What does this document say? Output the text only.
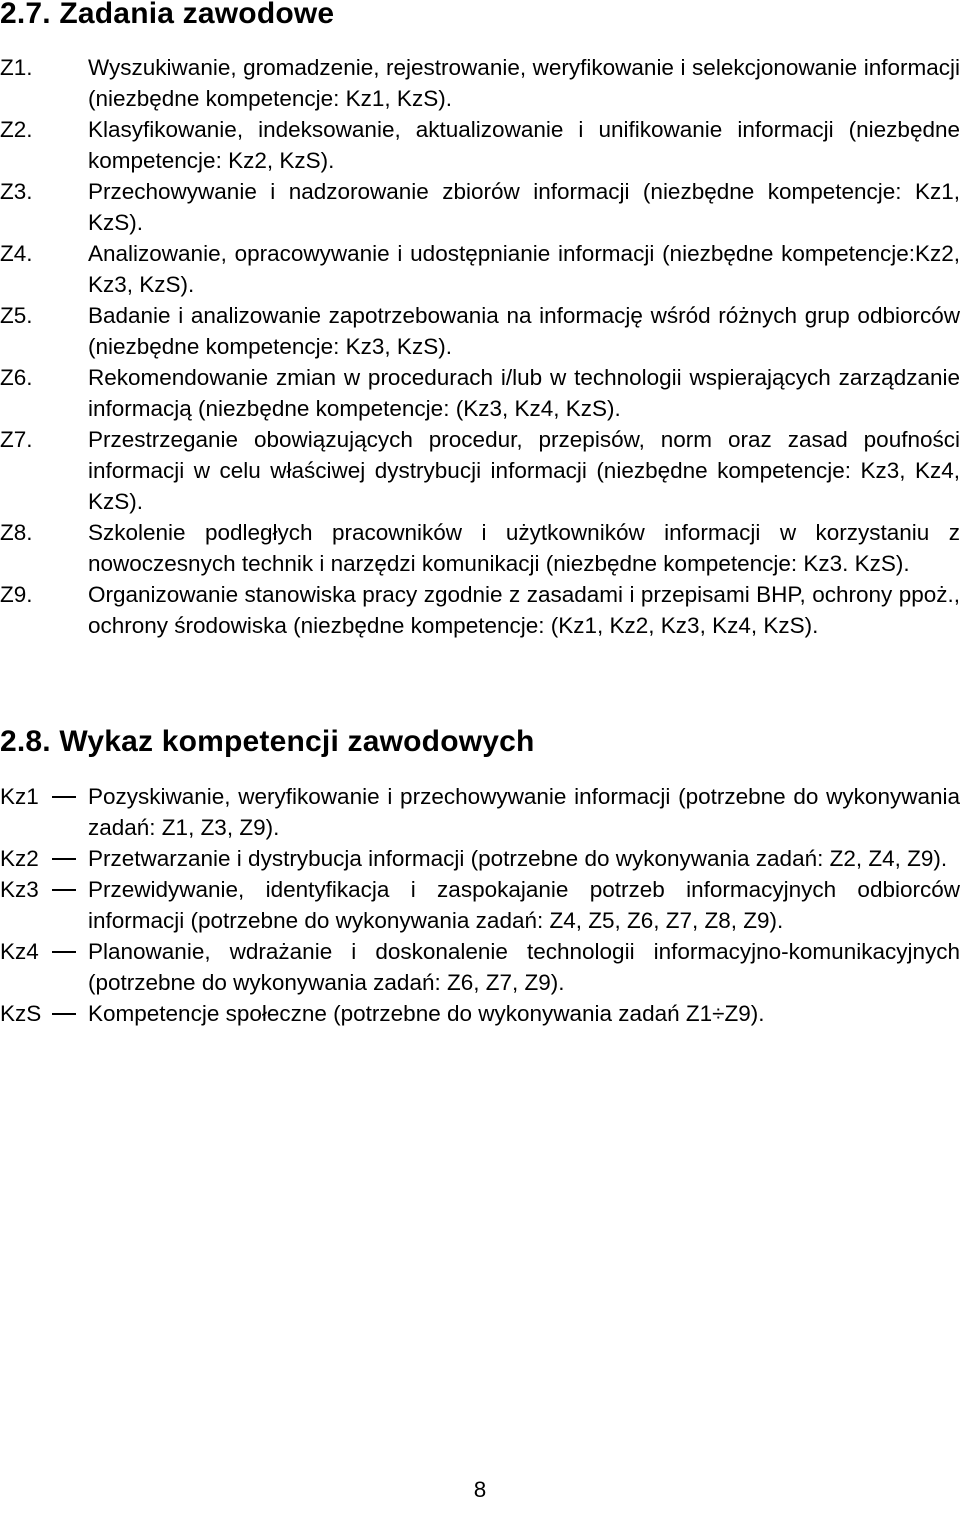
2.7. Zadania zawodowe
Z1.	Wyszukiwanie, gromadzenie, rejestrowanie, weryfikowanie i selekcjonowanie informacji (niezbędne kompetencje: Kz1, KzS).
Z2.	Klasyfikowanie, indeksowanie, aktualizowanie i unifikowanie informacji (niezbędne kompetencje: Kz2, KzS).
Z3.	Przechowywanie i nadzorowanie zbiorów informacji (niezbędne kompetencje: Kz1, KzS).
Z4.	Analizowanie, opracowywanie i udostępnianie informacji (niezbędne kompetencje:Kz2, Kz3, KzS).
Z5.	Badanie i analizowanie zapotrzebowania na informację wśród różnych grup odbiorców (niezbędne kompetencje: Kz3, KzS).
Z6.	Rekomendowanie zmian w procedurach i/lub w technologii wspierających zarządzanie informacją (niezbędne kompetencje: (Kz3, Kz4, KzS).
Z7.	Przestrzeganie obowiązujących procedur, przepisów, norm oraz zasad poufności informacji w celu właściwej dystrybucji informacji (niezbędne kompetencje: Kz3, Kz4, KzS).
Z8.	Szkolenie podległych pracowników i użytkowników informacji w korzystaniu z nowoczesnych technik i narzędzi komunikacji (niezbędne kompetencje: Kz3. KzS).
Z9.	Organizowanie stanowiska pracy zgodnie z zasadami i przepisami BHP, ochrony ppoż., ochrony środowiska (niezbędne kompetencje: (Kz1, Kz2, Kz3, Kz4, KzS).
2.8. Wykaz kompetencji zawodowych
Kz1	Pozyskiwanie, weryfikowanie i przechowywanie informacji (potrzebne do wykonywania zadań: Z1, Z3, Z9).
Kz2	Przetwarzanie i dystrybucja informacji (potrzebne do wykonywania zadań: Z2, Z4, Z9).
Kz3	Przewidywanie, identyfikacja i zaspokajanie potrzeb informacyjnych odbiorców informacji (potrzebne do wykonywania zadań: Z4, Z5, Z6, Z7, Z8, Z9).
Kz4	Planowanie, wdrażanie i doskonalenie technologii informacyjno-komunikacyjnych (potrzebne do wykonywania zadań: Z6, Z7, Z9).
KzS	Kompetencje społeczne (potrzebne do wykonywania zadań Z1÷Z9).
8
